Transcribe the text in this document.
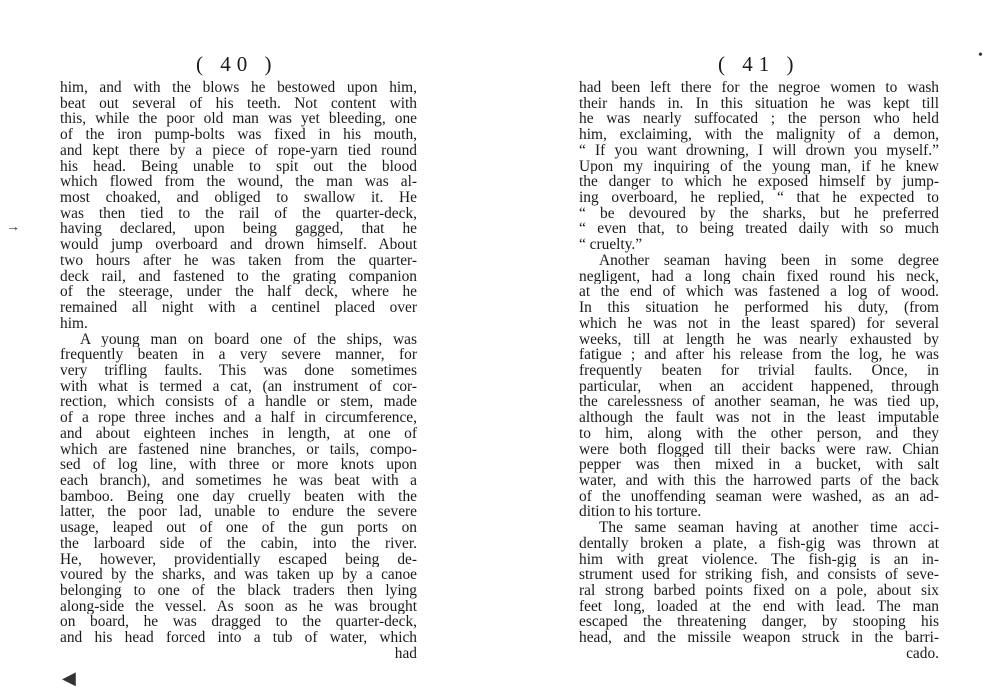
( 40 )
him, and with the blows he bestowed upon him,
beat out several of his teeth. Not content with
this, while the poor old man was yet bleeding, one
of the iron pump-bolts was fixed in his mouth,
and kept there by a piece of rope-yarn tied round
his head. Being unable to spit out the blood
which flowed from the wound, the man was al-
most choaked, and obliged to swallow it. He
was then tied to the rail of the quarter-deck,
having declared, upon being gagged, that he
would jump overboard and drown himself. About
two hours after he was taken from the quarter-
deck rail, and fastened to the grating companion
of the steerage, under the half deck, where he
remained all night with a centinel placed over
him.
A young man on board one of the ships, was
frequently beaten in a very severe manner, for
very trifling faults. This was done sometimes
with what is termed a cat, (an instrument of cor-
rection, which consists of a handle or stem, made
of a rope three inches and a half in circumference,
and about eighteen inches in length, at one of
which are fastened nine branches, or tails, compo-
sed of log line, with three or more knots upon
each branch), and sometimes he was beat with a
bamboo. Being one day cruelly beaten with the
latter, the poor lad, unable to endure the severe
usage, leaped out of one of the gun ports on
the larboard side of the cabin, into the river.
He, however, providentially escaped being de-
voured by the sharks, and was taken up by a canoe
belonging to one of the black traders then lying
along-side the vessel. As soon as he was brought
on board, he was dragged to the quarter-deck,
and his head forced into a tub of water, which
had
→
◀
( 41 )
had been left there for the negroe women to wash
their hands in. In this situation he was kept till
he was nearly suffocated ; the person who held
him, exclaiming, with the malignity of a demon,
“ If you want drowning, I will drown you myself.”
Upon my inquiring of the young man, if he knew
the danger to which he exposed himself by jump-
ing overboard, he replied, “ that he expected to
“ be devoured by the sharks, but he preferred
“ even that, to being treated daily with so much
“ cruelty.”
Another seaman having been in some degree
negligent, had a long chain fixed round his neck,
at the end of which was fastened a log of wood.
In this situation he performed his duty, (from
which he was not in the least spared) for several
weeks, till at length he was nearly exhausted by
fatigue ; and after his release from the log, he was
frequently beaten for trivial faults. Once, in
particular, when an accident happened, through
the carelessness of another seaman, he was tied up,
although the fault was not in the least imputable
to him, along with the other person, and they
were both flogged till their backs were raw. Chian
pepper was then mixed in a bucket, with salt
water, and with this the harrowed parts of the back
of the unoffending seaman were washed, as an ad-
dition to his torture.
The same seaman having at another time acci-
dentally broken a plate, a fish-gig was thrown at
him with great violence. The fish-gig is an in-
strument used for striking fish, and consists of seve-
ral strong barbed points fixed on a pole, about six
feet long, loaded at the end with lead. The man
escaped the threatening danger, by stooping his
head, and the missile weapon struck in the barri-
cado.
•
